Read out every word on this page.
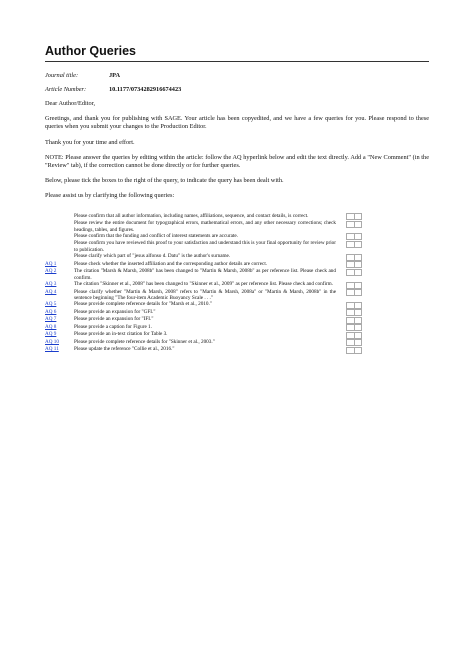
Author Queries
Journal title:	JPA
Article Number:	10.1177/0734282916674423

Dear Author/Editor,

Greetings, and thank you for publishing with SAGE. Your article has been copyedited, and we have a few queries for you. Please respond to these queries when you submit your changes to the Production Editor.

Thank you for your time and effort.

NOTE: Please answer the queries by editing within the article: follow the AQ hyperlink below and edit the text directly. Add a "New Comment" (in the "Review" tab), if the correction cannot be done directly or for further queries.

Below, please tick the boxes to the right of the query, to indicate the query has been dealt with.

Please assist us by clarifying the following queries:

Please confirm that all author information, including names, affiliations, sequence, and contact details, is correct.
Please review the entire document for typographical errors, mathematical errors, and any other necessary corrections; check headings, tables, and figures.
Please confirm that the funding and conflict of interest statements are accurate.
Please confirm you have reviewed this proof to your satisfaction and understand this is your final opportunity for review prior to publication.
Please clarify which part of "jesus alfonso d. Datu" is the author's surname.
AQ 1	Please check whether the inserted affiliation and the corresponding author details are correct.
AQ 2	The citation "Marsh & Marsh, 2008b" has been changed to "Martin & Marsh, 2008b" as per reference list. Please check and confirm.
AQ 3	The citation "Skinner et al., 2008" has been changed to "Skinner et al., 2009" as per reference list. Please check and confirm.
AQ 4	Please clarify whether "Martin & Marsh, 2008" refers to "Martin & Marsh, 2008a" or "Martin & Marsh, 2008b" in the sentence beginning "The four-item Academic Buoyancy Scale . . ."
AQ 5	Please provide complete reference details for "Marsh et al., 2010."
AQ 6	Please provide an expansion for "GFI."
AQ 7	Please provide an expansion for "IFI."
AQ 8	Please provide a caption for Figure 1.
AQ 9	Please provide an in-text citation for Table 3.
AQ 10	Please provide complete reference details for "Skinner et al., 2003."
AQ 11	Please update the reference "Collie et al., 2016."
